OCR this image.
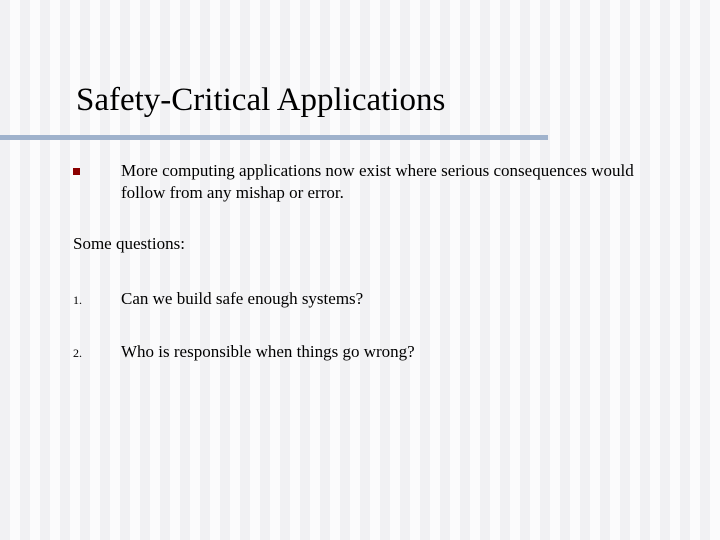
Safety-Critical Applications

More computing applications now exist where serious consequences would follow from any mishap or error.

Some questions:

1. Can we build safe enough systems?
2. Who is responsible when things go wrong?
